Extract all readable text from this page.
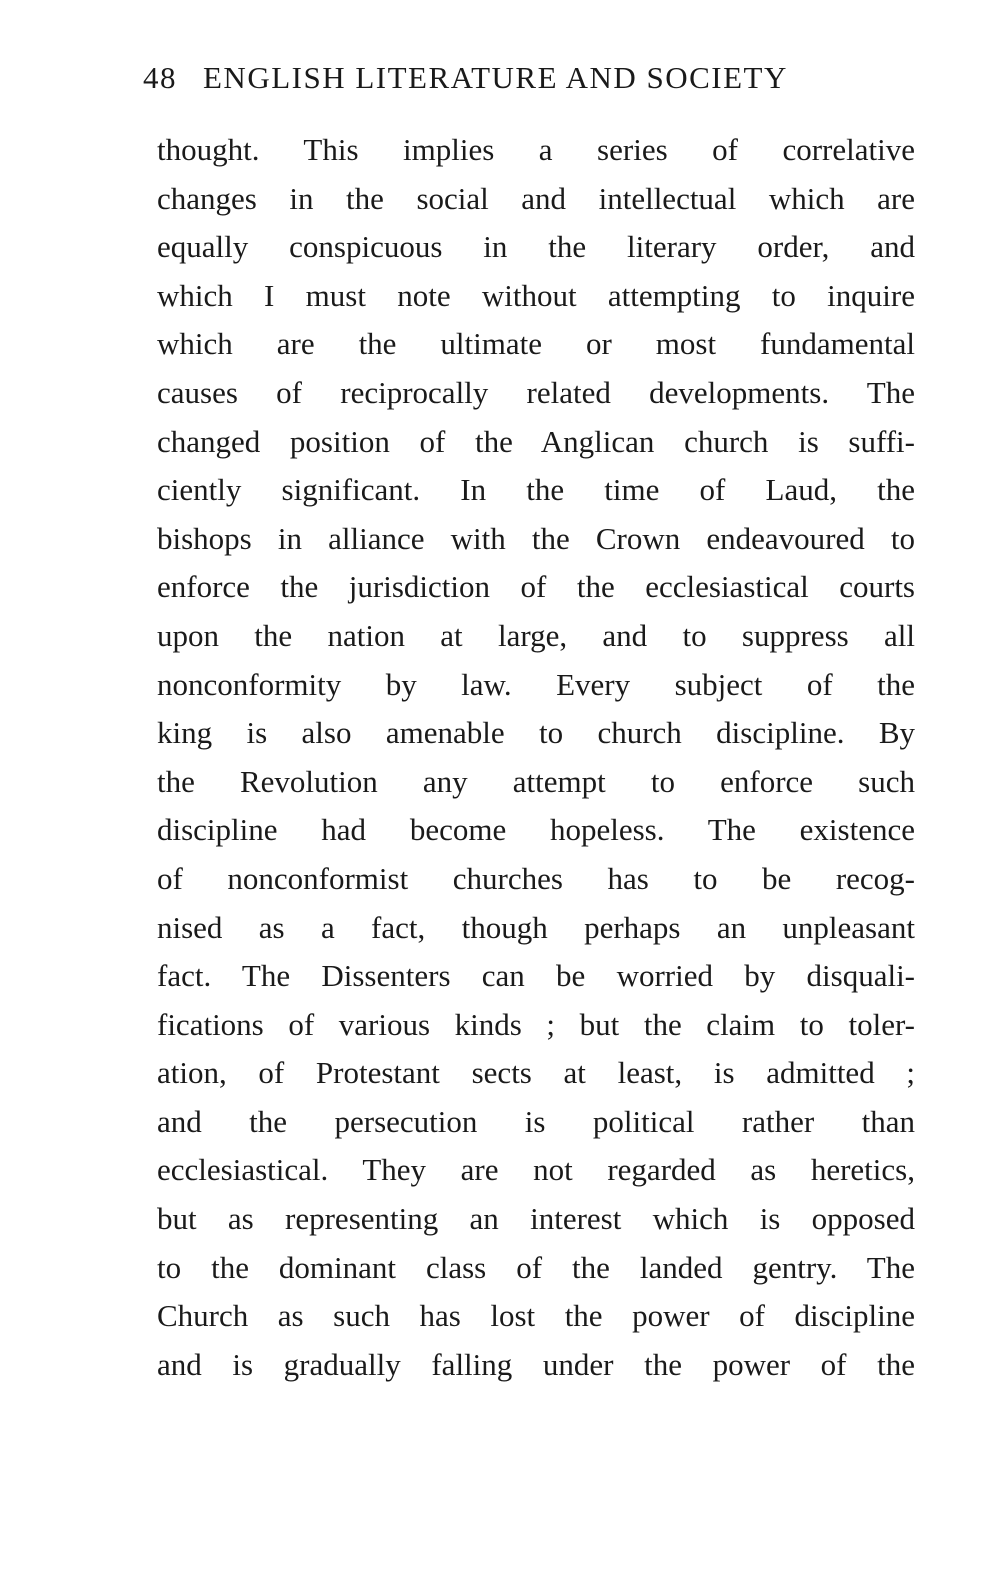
48 ENGLISH LITERATURE AND SOCIETY
thought. This implies a series of correlative
changes in the social and intellectual which are
equally conspicuous in the literary order, and
which I must note without attempting to inquire
which are the ultimate or most fundamental
causes of reciprocally related developments. The
changed position of the Anglican church is suffi-
ciently significant. In the time of Laud, the
bishops in alliance with the Crown endeavoured to
enforce the jurisdiction of the ecclesiastical courts
upon the nation at large, and to suppress all
nonconformity by law. Every subject of the
king is also amenable to church discipline. By
the Revolution any attempt to enforce such
discipline had become hopeless. The existence
of nonconformist churches has to be recog-
nised as a fact, though perhaps an unpleasant
fact. The Dissenters can be worried by disquali-
fications of various kinds ; but the claim to toler-
ation, of Protestant sects at least, is admitted ;
and the persecution is political rather than
ecclesiastical. They are not regarded as heretics,
but as representing an interest which is opposed
to the dominant class of the landed gentry. The
Church as such has lost the power of discipline
and is gradually falling under the power of the
